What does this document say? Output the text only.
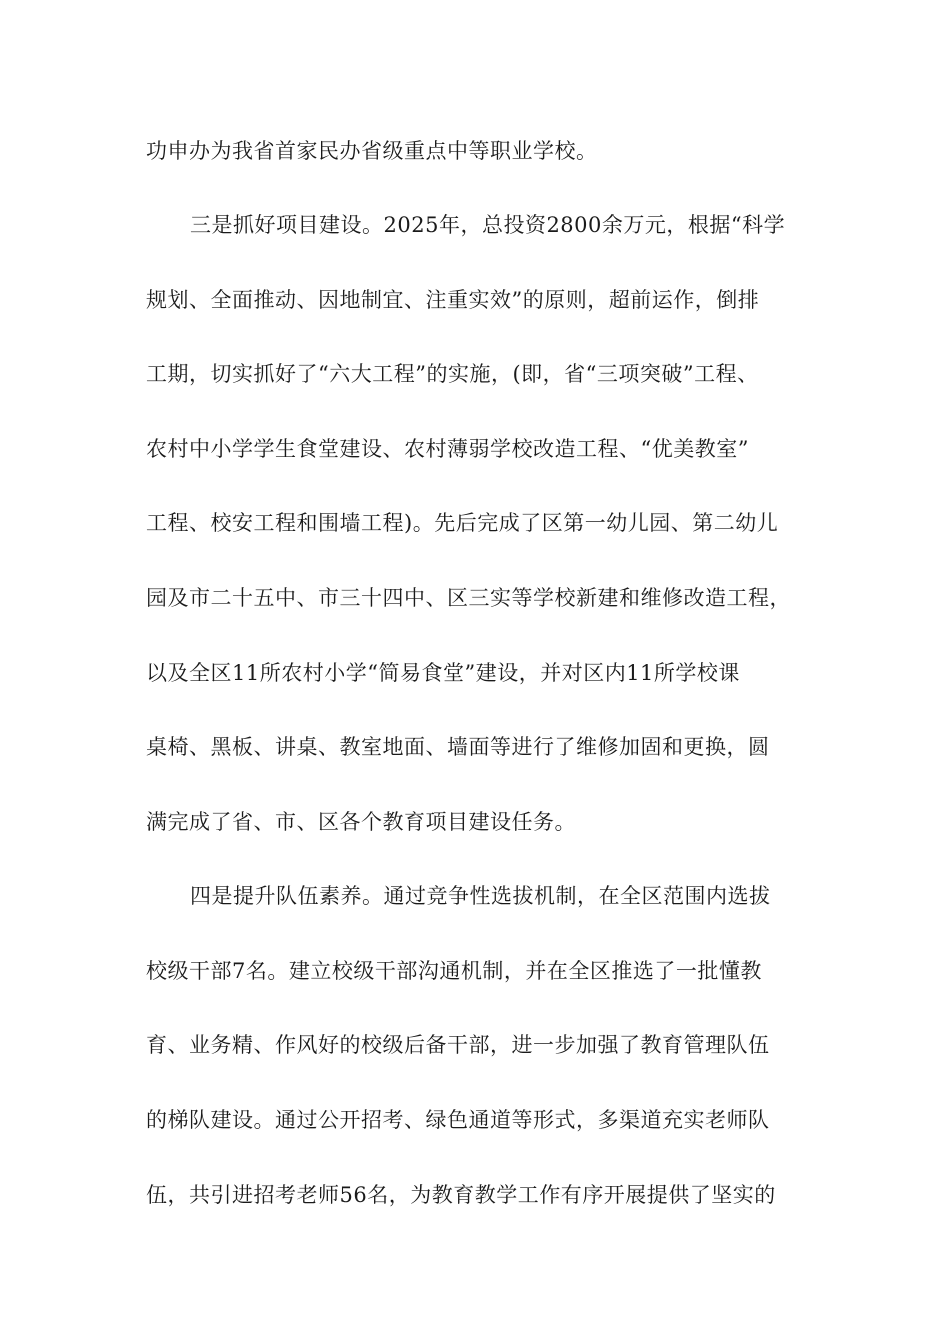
功申办为我省首家民办省级重点中等职业学校。
三是抓好项目建设。2025年，总投资2800余万元，根据“科学
规划、全面推动、因地制宜、注重实效”的原则，超前运作，倒排
工期，切实抓好了“六大工程”的实施，(即，省“三项突破”工程、
农村中小学学生食堂建设、农村薄弱学校改造工程、“优美教室”
工程、校安工程和围墙工程)。先后完成了区第一幼儿园、第二幼儿
园及市二十五中、市三十四中、区三实等学校新建和维修改造工程，
以及全区11所农村小学“简易食堂”建设，并对区内11所学校课
桌椅、黑板、讲桌、教室地面、墙面等进行了维修加固和更换，圆
满完成了省、市、区各个教育项目建设任务。
四是提升队伍素养。通过竞争性选拔机制，在全区范围内选拔
校级干部7名。建立校级干部沟通机制，并在全区推选了一批懂教
育、业务精、作风好的校级后备干部，进一步加强了教育管理队伍
的梯队建设。通过公开招考、绿色通道等形式，多渠道充实老师队
伍，共引进招考老师56名，为教育教学工作有序开展提供了坚实的
